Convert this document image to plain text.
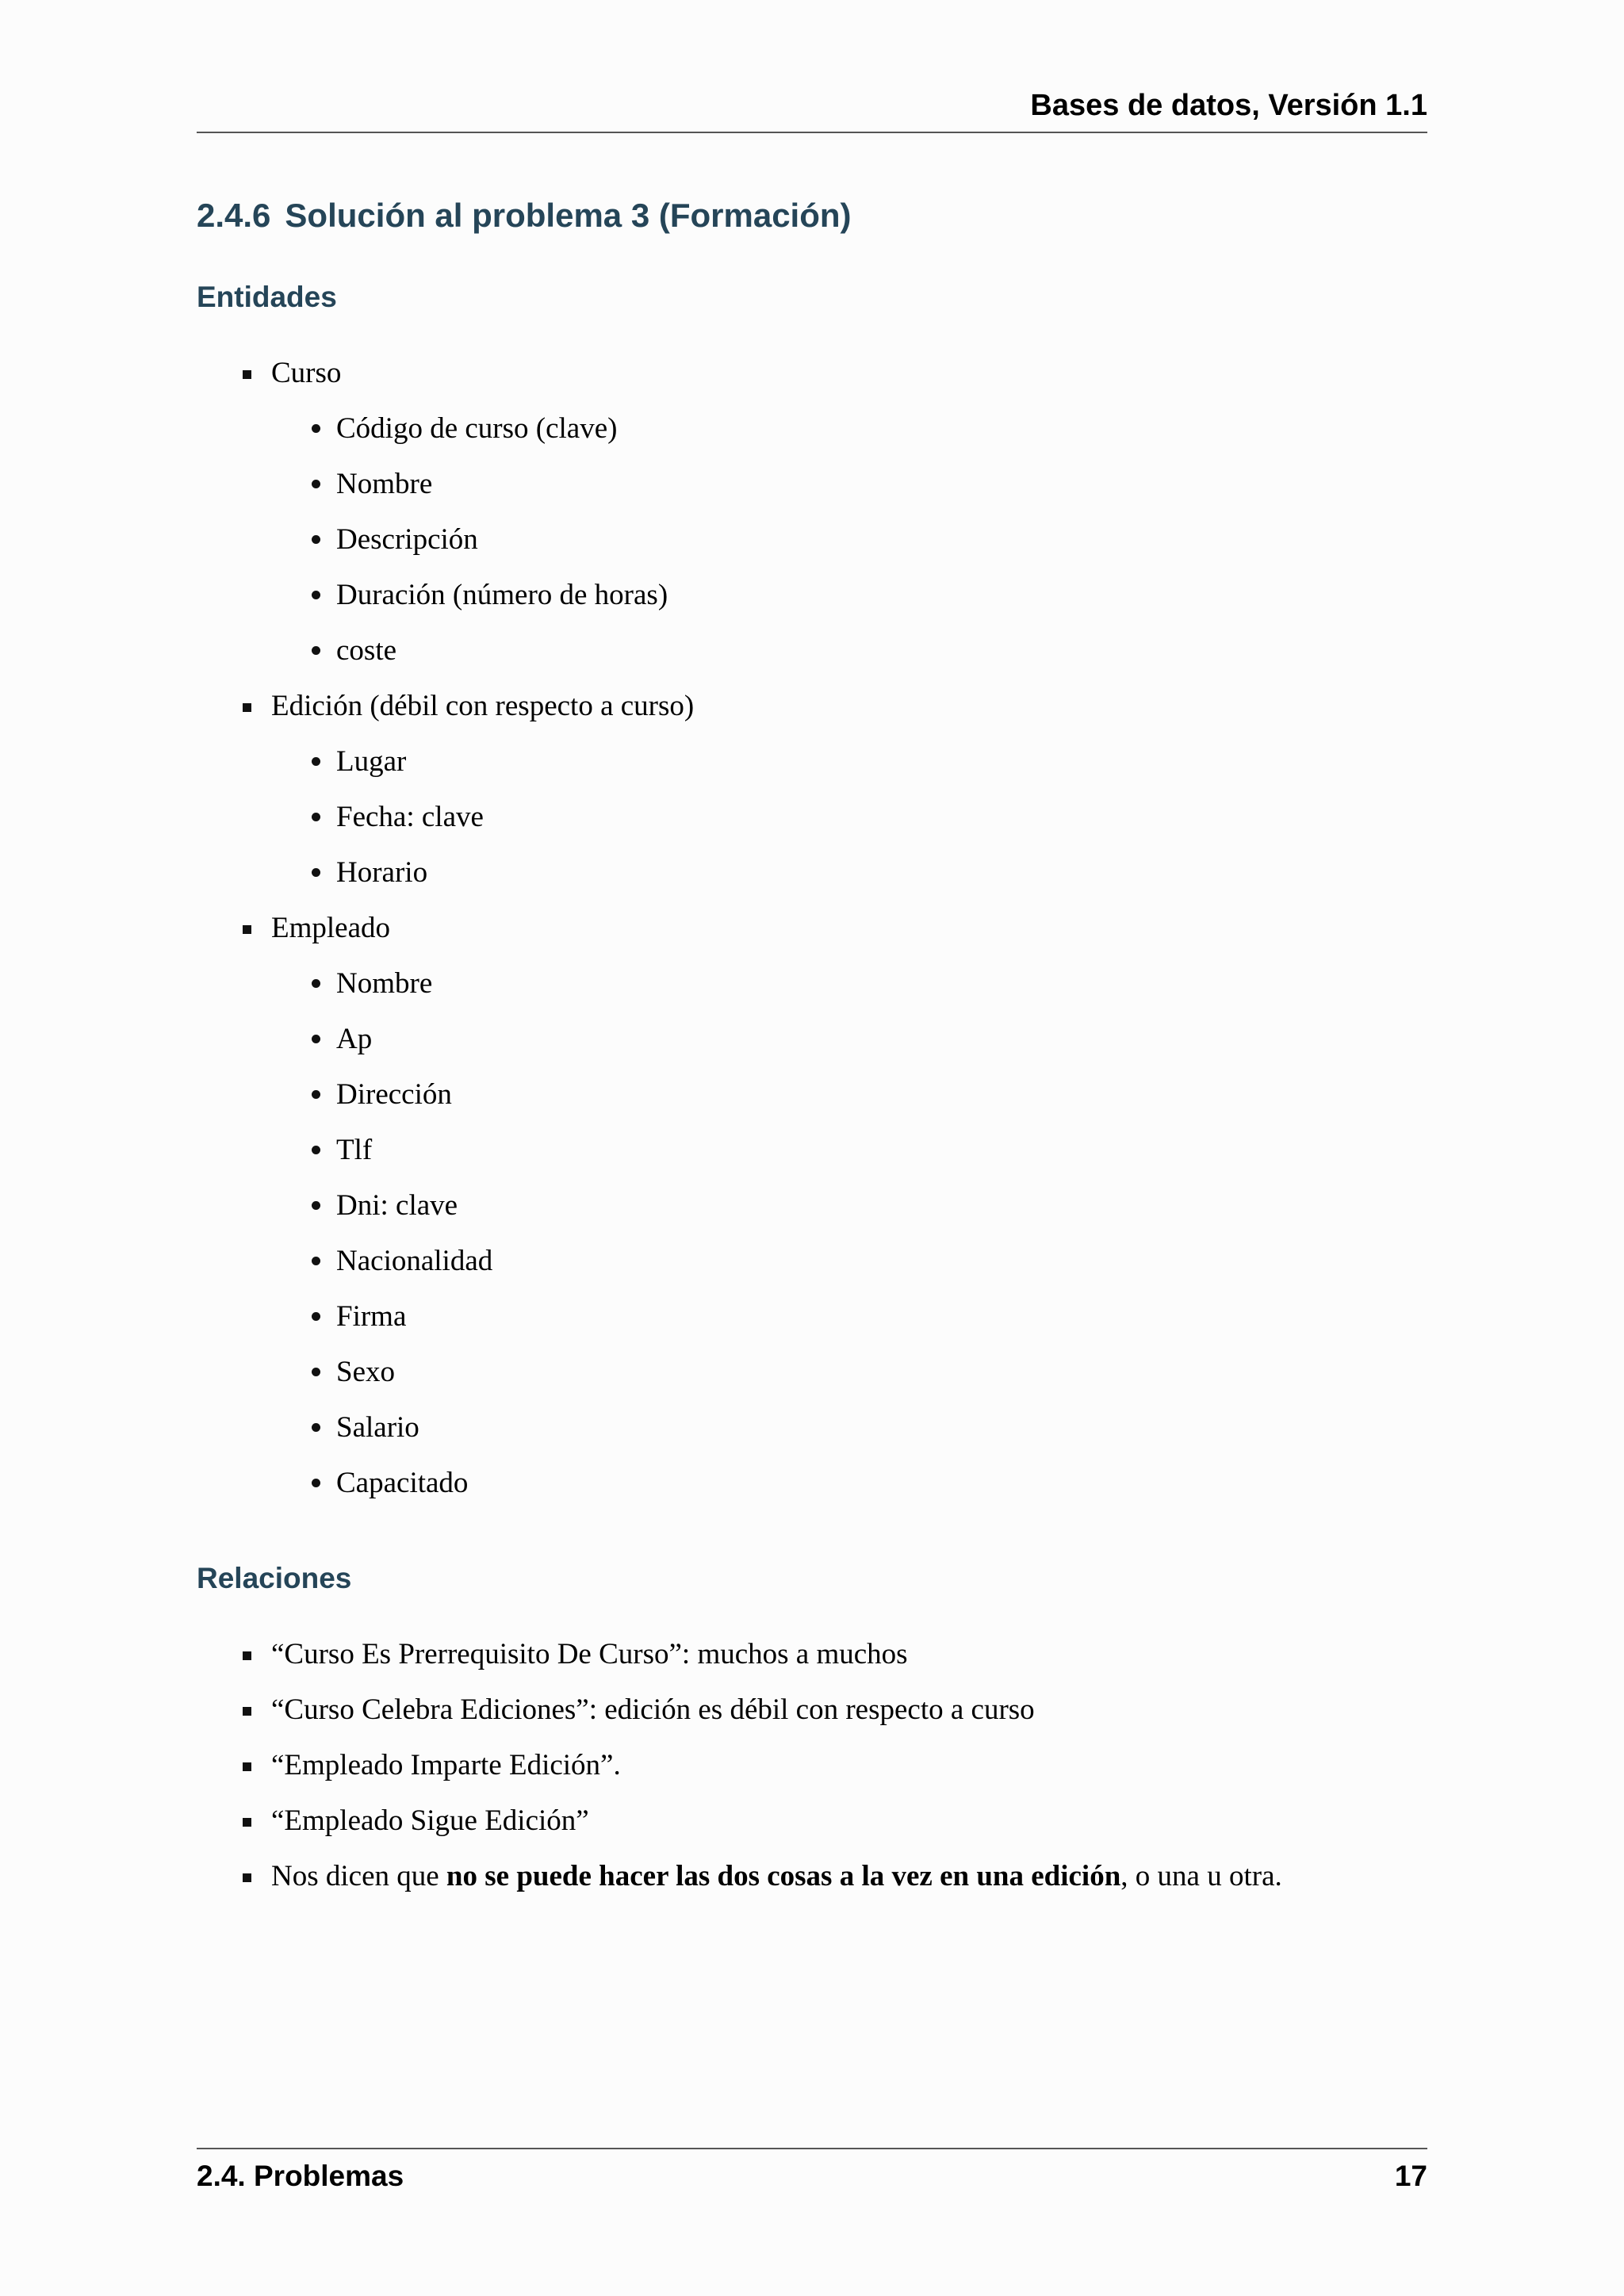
Bases de datos, Versión 1.1
2.4.6 Solución al problema 3 (Formación)
Entidades
Curso
Código de curso (clave)
Nombre
Descripción
Duración (número de horas)
coste
Edición (débil con respecto a curso)
Lugar
Fecha: clave
Horario
Empleado
Nombre
Ap
Dirección
Tlf
Dni: clave
Nacionalidad
Firma
Sexo
Salario
Capacitado
Relaciones
“Curso Es Prerrequisito De Curso”: muchos a muchos
“Curso Celebra Ediciones”: edición es débil con respecto a curso
“Empleado Imparte Edición”.
“Empleado Sigue Edición”
Nos dicen que no se puede hacer las dos cosas a la vez en una edición, o una u otra.
2.4. Problemas	17
